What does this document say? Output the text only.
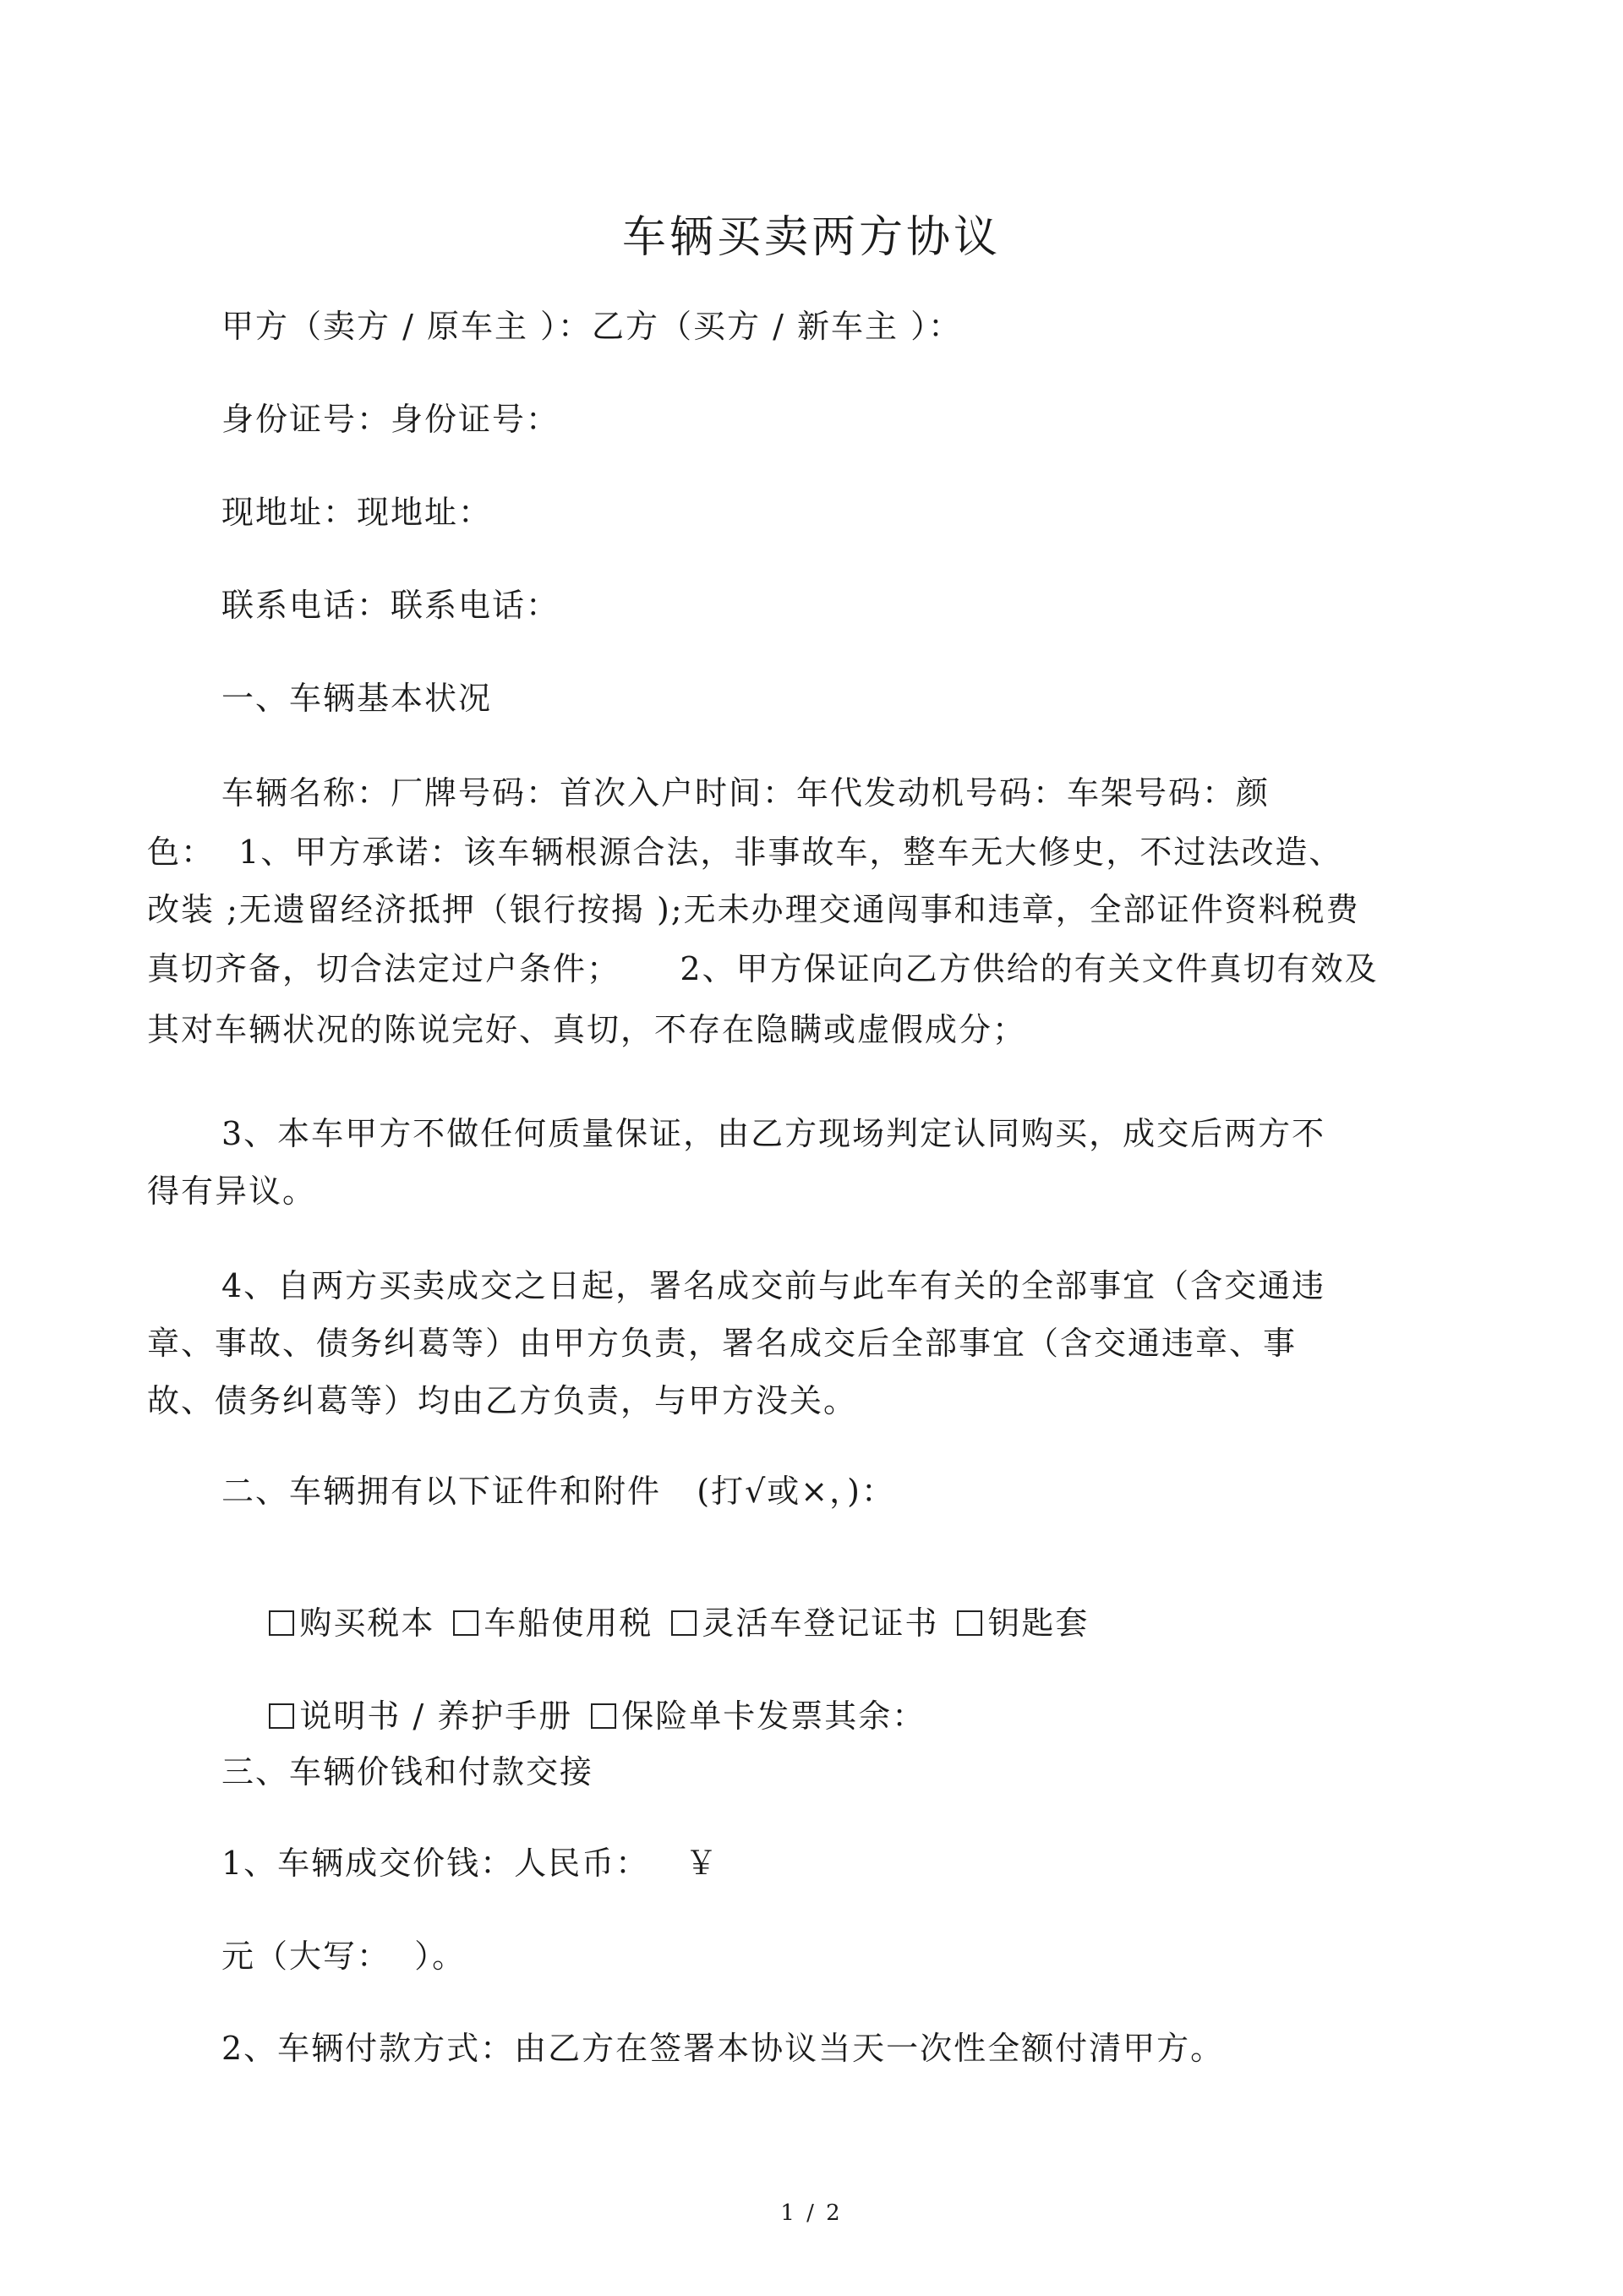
车辆买卖两方协议
甲方（卖方 / 原车主 ）：乙方（买方 / 新车主 ）：
身份证号：身份证号：
现地址：现地址：
联系电话：联系电话：
一、车辆基本状况
车辆名称：厂牌号码：首次入户时间：年代发动机号码：车架号码：颜
色：  1、甲方承诺：该车辆根源合法，非事故车，整车无大修史，不过法改造、
改装 ;无遗留经济抵押（银行按揭 );无未办理交通闯事和违章，全部证件资料税费
真切齐备，切合法定过户条件；     2、甲方保证向乙方供给的有关文件真切有效及
其对车辆状况的陈说完好、真切，不存在隐瞒或虚假成分；
3、本车甲方不做任何质量保证，由乙方现场判定认同购买，成交后两方不
得有异议。
4、自两方买卖成交之日起，署名成交前与此车有关的全部事宜（含交通违
章、事故、债务纠葛等）由甲方负责，署名成交后全部事宜（含交通违章、事
故、债务纠葛等）均由乙方负责，与甲方没关。
二、车辆拥有以下证件和附件   (打√或×，)：

购买税本 车船使用税 灵活车登记证书 钥匙套

说明书 / 养护手册 保险单卡发票其余：

三、车辆价钱和付款交接
1、车辆成交价钱：人民币：   ￥
元（大写：  ）。
2、车辆付款方式：由乙方在签署本协议当天一次性全额付清甲方。
1 / 2
